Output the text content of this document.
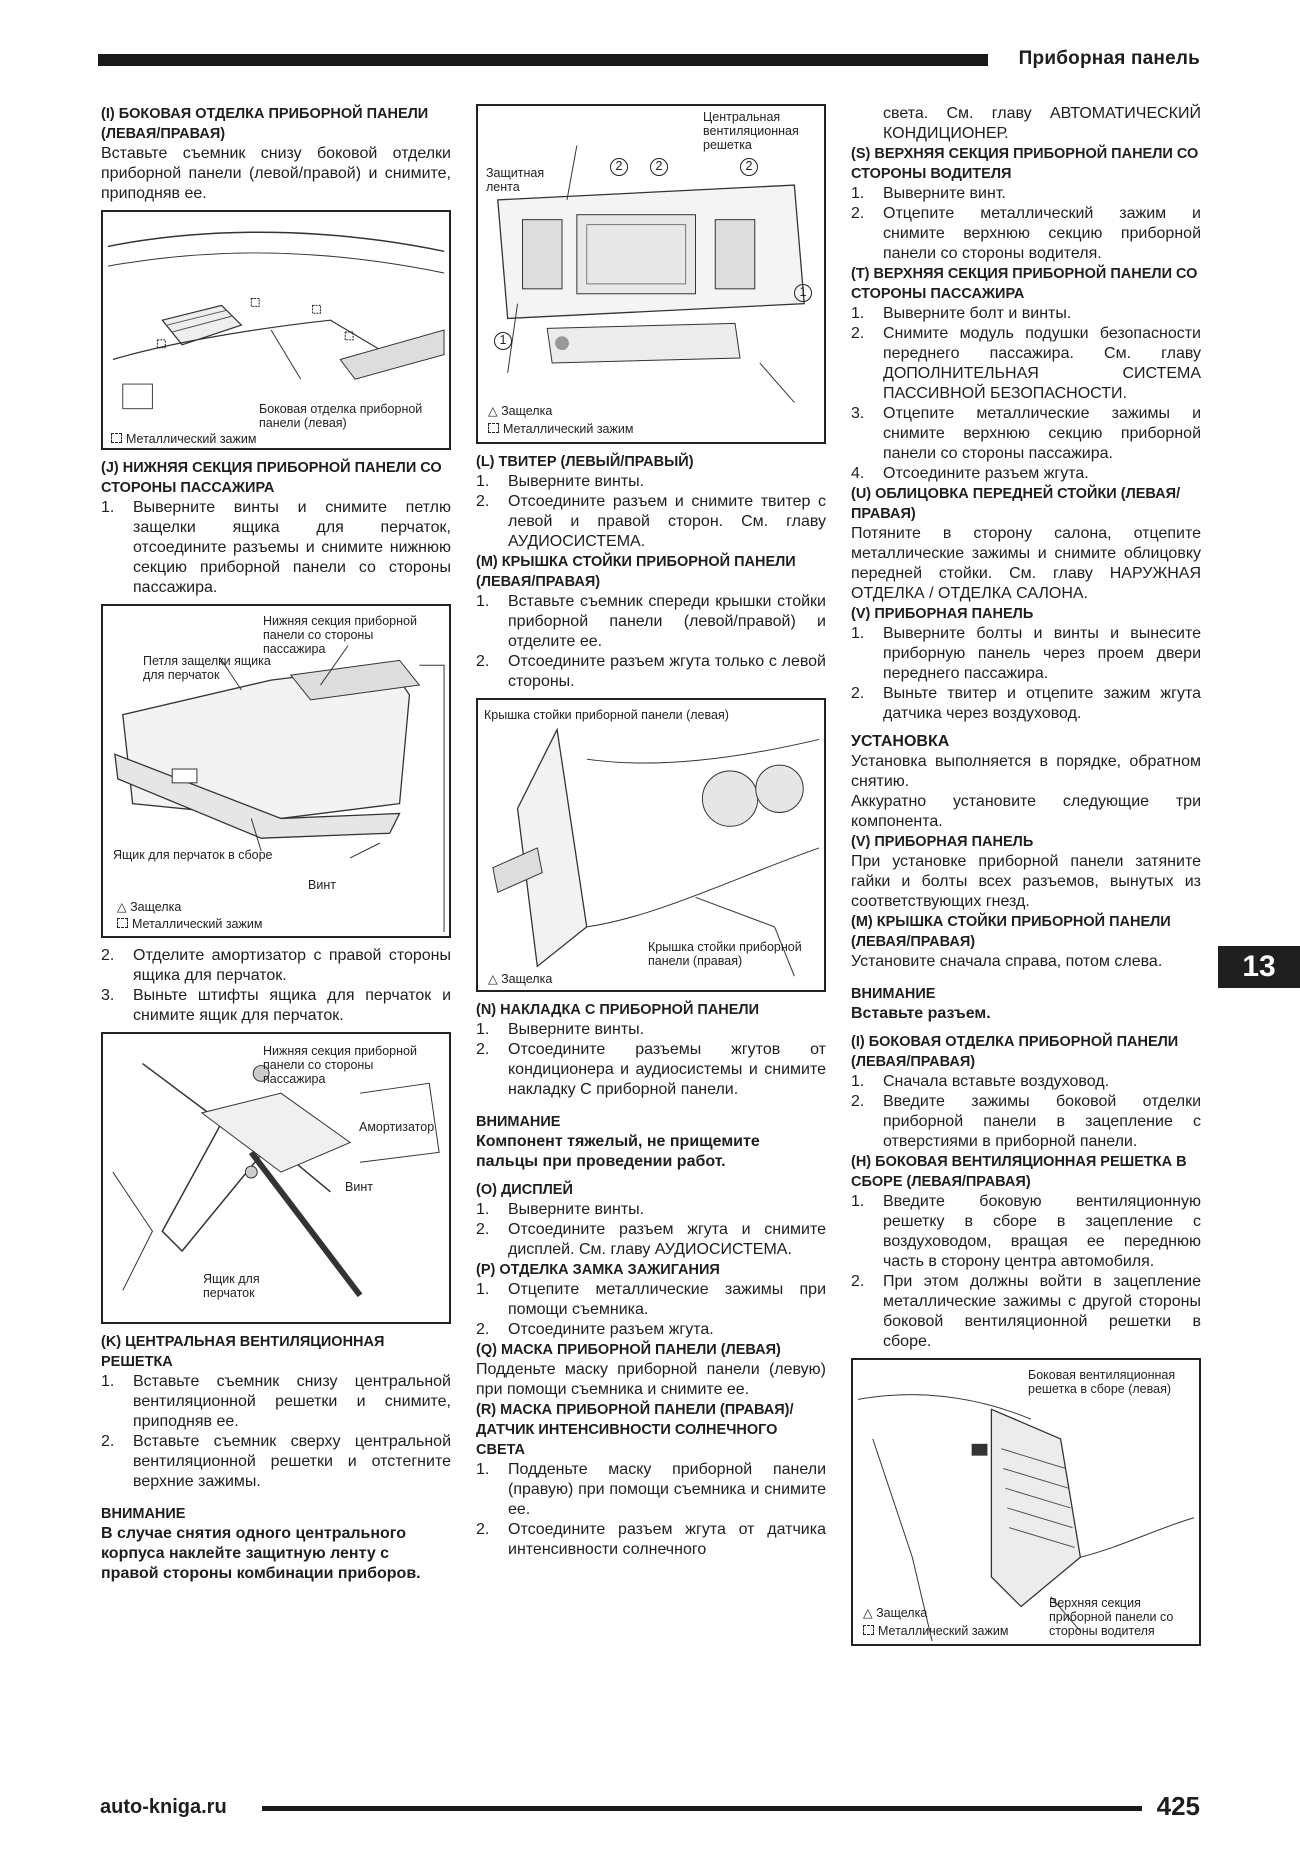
Приборная панель
(I) БОКОВАЯ ОТДЕЛКА ПРИБОРНОЙ ПАНЕЛИ (ЛЕВАЯ/ПРАВАЯ)

Вставьте съемник снизу боковой отделки приборной панели (левой/правой) и снимите, приподняв ее.

Боковая отделка приборной панели (левая)
Металлический зажим
(J) НИЖНЯЯ СЕКЦИЯ ПРИБОРНОЙ ПАНЕЛИ СО СТОРОНЫ ПАССАЖИРА
1. Выверните винты и снимите петлю защелки ящика для перчаток, отсоедините разъемы и снимите нижнюю секцию приборной панели со стороны пассажира.
Нижняя секция приборной панели со стороны пассажира
Петля защелки ящика для перчаток
Ящик для перчаток в сборе
Винт
△ Защелка
Металлический зажим
2. Отделите амортизатор с правой стороны ящика для перчаток.
3. Выньте штифты ящика для перчаток и снимите ящик для перчаток.
Нижняя секция приборной панели со стороны пассажира
Амортизатор
Винт
Ящик для перчаток
(K) ЦЕНТРАЛЬНАЯ ВЕНТИЛЯЦИОННАЯ РЕШЕТКА
1. Вставьте съемник снизу центральной вентиляционной решетки и снимите, приподняв ее.
2. Вставьте съемник сверху центральной вентиляционной решетки и отстегните верхние зажимы.
ВНИМАНИЕ

В случае снятия одного центрального корпуса наклейте защитную ленту с правой стороны комбинации приборов.

Центральная вентиляционная решетка
Защитная лента
2	2	2
1
1
△ Защелка
Металлический зажим
(L) ТВИТЕР (ЛЕВЫЙ/ПРАВЫЙ)
1. Выверните винты.
2. Отсоедините разъем и снимите твитер с левой и правой сторон. См. главу АУДИОСИСТЕМА.
(M) КРЫШКА СТОЙКИ ПРИБОРНОЙ ПАНЕЛИ (ЛЕВАЯ/ПРАВАЯ)
1. Вставьте съемник спереди крышки стойки приборной панели (левой/правой) и отделите ее.
2. Отсоедините разъем жгута только с левой стороны.
Крышка стойки приборной панели (левая)
Крышка стойки приборной панели (правая)
△ Защелка
(N) НАКЛАДКА С ПРИБОРНОЙ ПАНЕЛИ
1. Выверните винты.
2. Отсоедините разъемы жгутов от кондиционера и аудиосистемы и снимите накладку С приборной панели.
ВНИМАНИЕ

Компонент тяжелый, не прищемите пальцы при проведении работ.

(O) ДИСПЛЕЙ
1. Выверните винты.
2. Отсоедините разъем жгута и снимите дисплей. См. главу АУДИОСИСТЕМА.
(P) ОТДЕЛКА ЗАМКА ЗАЖИГАНИЯ
1. Отцепите металлические зажимы при помощи съемника.
2. Отсоедините разъем жгута.
(Q) МАСКА ПРИБОРНОЙ ПАНЕЛИ (ЛЕВАЯ)

Подденьте маску приборной панели (левую) при помощи съемника и снимите ее.

(R) МАСКА ПРИБОРНОЙ ПАНЕЛИ (ПРАВАЯ)/ ДАТЧИК ИНТЕНСИВНОСТИ СОЛНЕЧНОГО СВЕТА
1. Подденьте маску приборной панели (правую) при помощи съемника и снимите ее.
2. Отсоедините разъем жгута от датчика интенсивности солнечного

света. См. главу АВТОМАТИЧЕСКИЙ КОНДИЦИОНЕР.

(S) ВЕРХНЯЯ СЕКЦИЯ ПРИБОРНОЙ ПАНЕЛИ СО СТОРОНЫ ВОДИТЕЛЯ
1. Выверните винт.
2. Отцепите металлический зажим и снимите верхнюю секцию приборной панели со стороны водителя.
(T) ВЕРХНЯЯ СЕКЦИЯ ПРИБОРНОЙ ПАНЕЛИ СО СТОРОНЫ ПАССАЖИРА
1. Выверните болт и винты.
2. Снимите модуль подушки безопасности переднего пассажира. См. главу ДОПОЛНИТЕЛЬНАЯ СИСТЕМА ПАССИВНОЙ БЕЗОПАСНОСТИ.
3. Отцепите металлические зажимы и снимите верхнюю секцию приборной панели со стороны пассажира.
4. Отсоедините разъем жгута.
(U) ОБЛИЦОВКА ПЕРЕДНЕЙ СТОЙКИ (ЛЕВАЯ/ПРАВАЯ)

Потяните в сторону салона, отцепите металлические зажимы и снимите облицовку передней стойки. См. главу НАРУЖНАЯ ОТДЕЛКА / ОТДЕЛКА САЛОНА.

(V) ПРИБОРНАЯ ПАНЕЛЬ
1. Выверните болты и винты и вынесите приборную панель через проем двери переднего пассажира.
2. Выньте твитер и отцепите зажим жгута датчика через воздуховод.
УСТАНОВКА

Установка выполняется в порядке, обратном снятию.

Аккуратно установите следующие три компонента.

(V) ПРИБОРНАЯ ПАНЕЛЬ

При установке приборной панели затяните гайки и болты всех разъемов, вынутых из соответствующих гнезд.

(M) КРЫШКА СТОЙКИ ПРИБОРНОЙ ПАНЕЛИ (ЛЕВАЯ/ПРАВАЯ)

Установите сначала справа, потом слева.

ВНИМАНИЕ

Вставьте разъем.

(I) БОКОВАЯ ОТДЕЛКА ПРИБОРНОЙ ПАНЕЛИ (ЛЕВАЯ/ПРАВАЯ)
1. Сначала вставьте воздуховод.
2. Введите зажимы боковой отделки приборной панели в зацепление с отверстиями в приборной панели.
(H) БОКОВАЯ ВЕНТИЛЯЦИОННАЯ РЕШЕТКА В СБОРЕ (ЛЕВАЯ/ПРАВАЯ)
1. Введите боковую вентиляционную решетку в сборе в зацепление с воздуховодом, вращая ее переднюю часть в сторону центра автомобиля.
2. При этом должны войти в зацепление металлические зажимы с другой стороны боковой вентиляционной решетки в сборе.
Боковая вентиляционная решетка в сборе (левая)
Верхняя секция приборной панели со стороны водителя
△ Защелка
Металлический зажим
13
auto-kniga.ru	425
